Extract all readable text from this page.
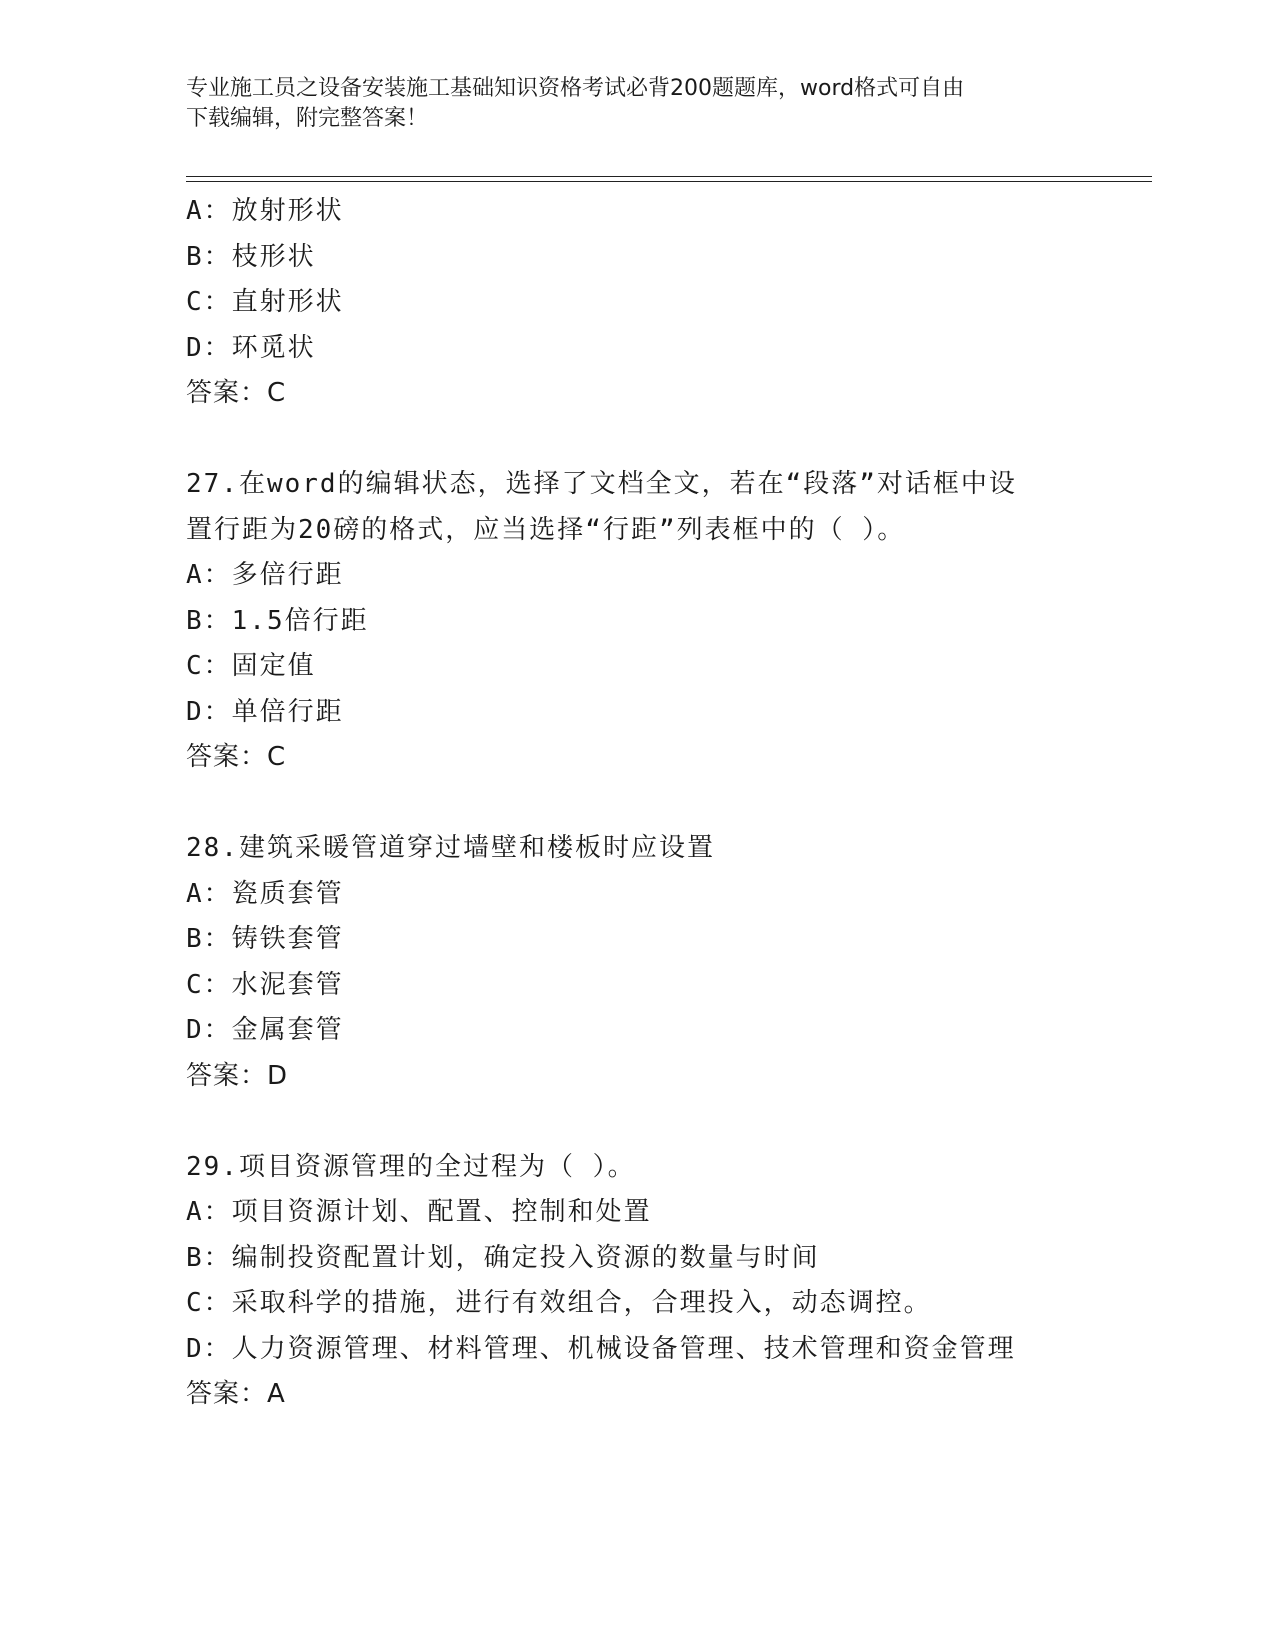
专业施工员之设备安装施工基础知识资格考试必背200题题库，word格式可自由
下载编辑，附完整答案！
A：放射形状
B：枝形状
C：直射形状
D：环觅状
答案：C
27.在word的编辑状态，选择了文档全文，若在“段落”对话框中设
置行距为20磅的格式，应当选择“行距”列表框中的（ ）。
A：多倍行距
B：1.5倍行距
C：固定值
D：单倍行距
答案：C
28.建筑采暖管道穿过墙壁和楼板时应设置
A：瓷质套管
B：铸铁套管
C：水泥套管
D：金属套管
答案：D
29.项目资源管理的全过程为（ ）。
A：项目资源计划、配置、控制和处置
B：编制投资配置计划，确定投入资源的数量与时间
C：采取科学的措施，进行有效组合，合理投入，动态调控。
D：人力资源管理、材料管理、机械设备管理、技术管理和资金管理
答案：A
